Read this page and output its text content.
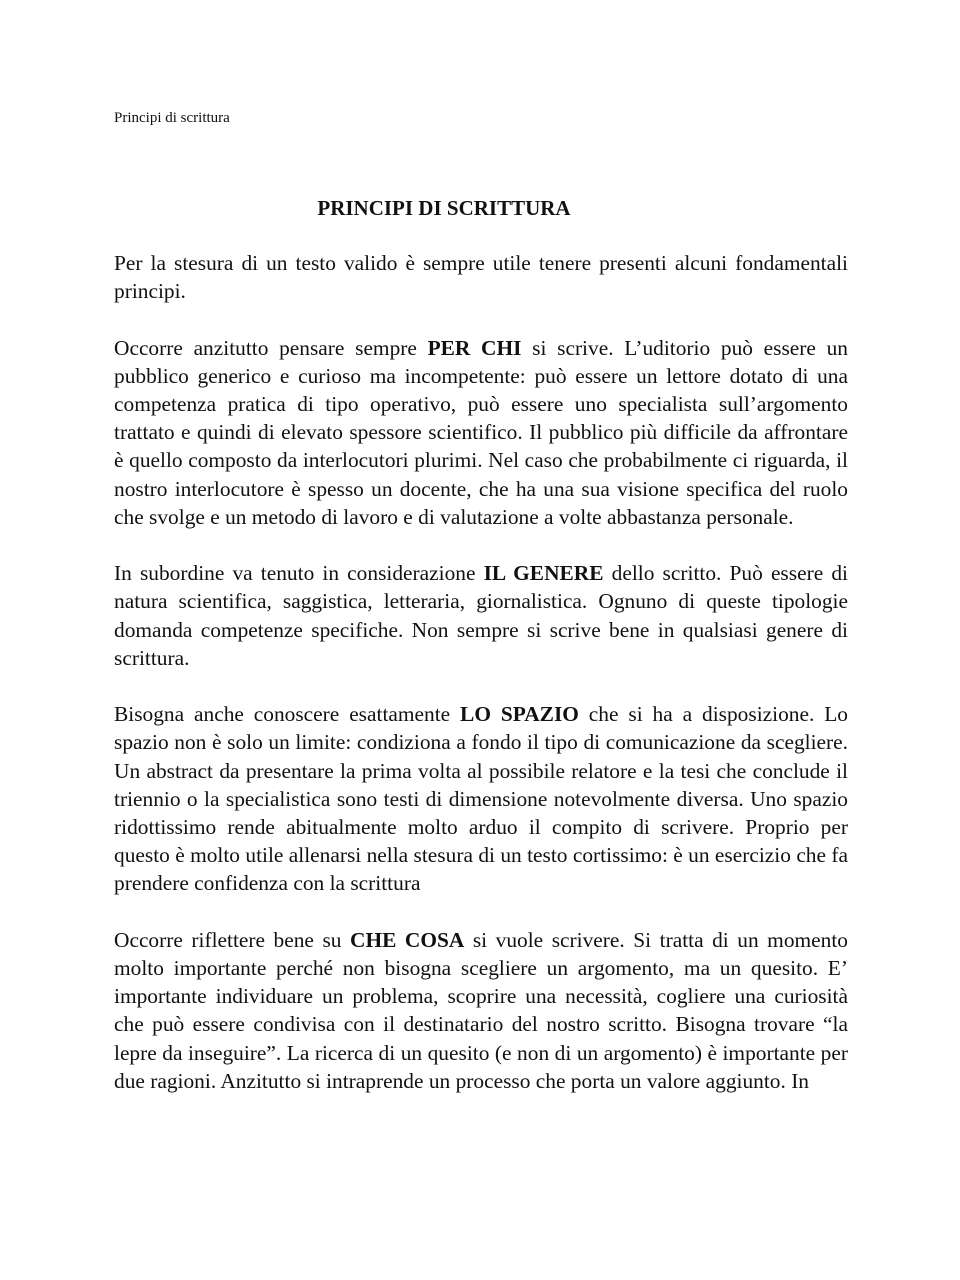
Principi di scrittura
PRINCIPI DI SCRITTURA

Per la stesura di un testo valido è sempre utile tenere presenti alcuni fondamentali principi.

Occorre anzitutto pensare sempre PER CHI si scrive. L’uditorio può essere un pubblico generico e curioso ma incompetente: può essere un lettore dotato di una competenza pratica di tipo operativo, può essere uno specialista sull’argomento trattato e quindi di elevato spessore scientifico. Il pubblico più difficile da affrontare è quello composto da interlocutori plurimi. Nel caso che probabilmente ci riguarda, il nostro interlocutore è spesso un docente, che ha una sua visione specifica del ruolo che svolge e un metodo di lavoro e di valutazione a volte abbastanza personale.

In subordine va tenuto in considerazione IL GENERE dello scritto. Può essere di natura scientifica, saggistica, letteraria, giornalistica. Ognuno di queste tipologie domanda competenze specifiche. Non sempre si scrive bene in qualsiasi genere di scrittura.

Bisogna anche conoscere esattamente LO SPAZIO che si ha a disposizione. Lo spazio non è solo un limite: condiziona a fondo il tipo di comunicazione da scegliere. Un abstract da presentare la prima volta al possibile relatore e la tesi che conclude il triennio o la specialistica sono testi di dimensione notevolmente diversa. Uno spazio ridottissimo rende abitualmente molto arduo il compito di scrivere. Proprio per questo è molto utile allenarsi nella stesura di un testo cortissimo: è un esercizio che fa prendere confidenza con la scrittura

Occorre riflettere bene su CHE COSA si vuole scrivere. Si tratta di un momento molto importante perché non bisogna scegliere un argomento, ma un quesito. E’ importante individuare un problema, scoprire una necessità, cogliere una curiosità che può essere condivisa con il destinatario del nostro scritto. Bisogna trovare “la lepre da inseguire”. La ricerca di un quesito (e non di un argomento) è importante per due ragioni. Anzitutto si intraprende un processo che porta un valore aggiunto. In
